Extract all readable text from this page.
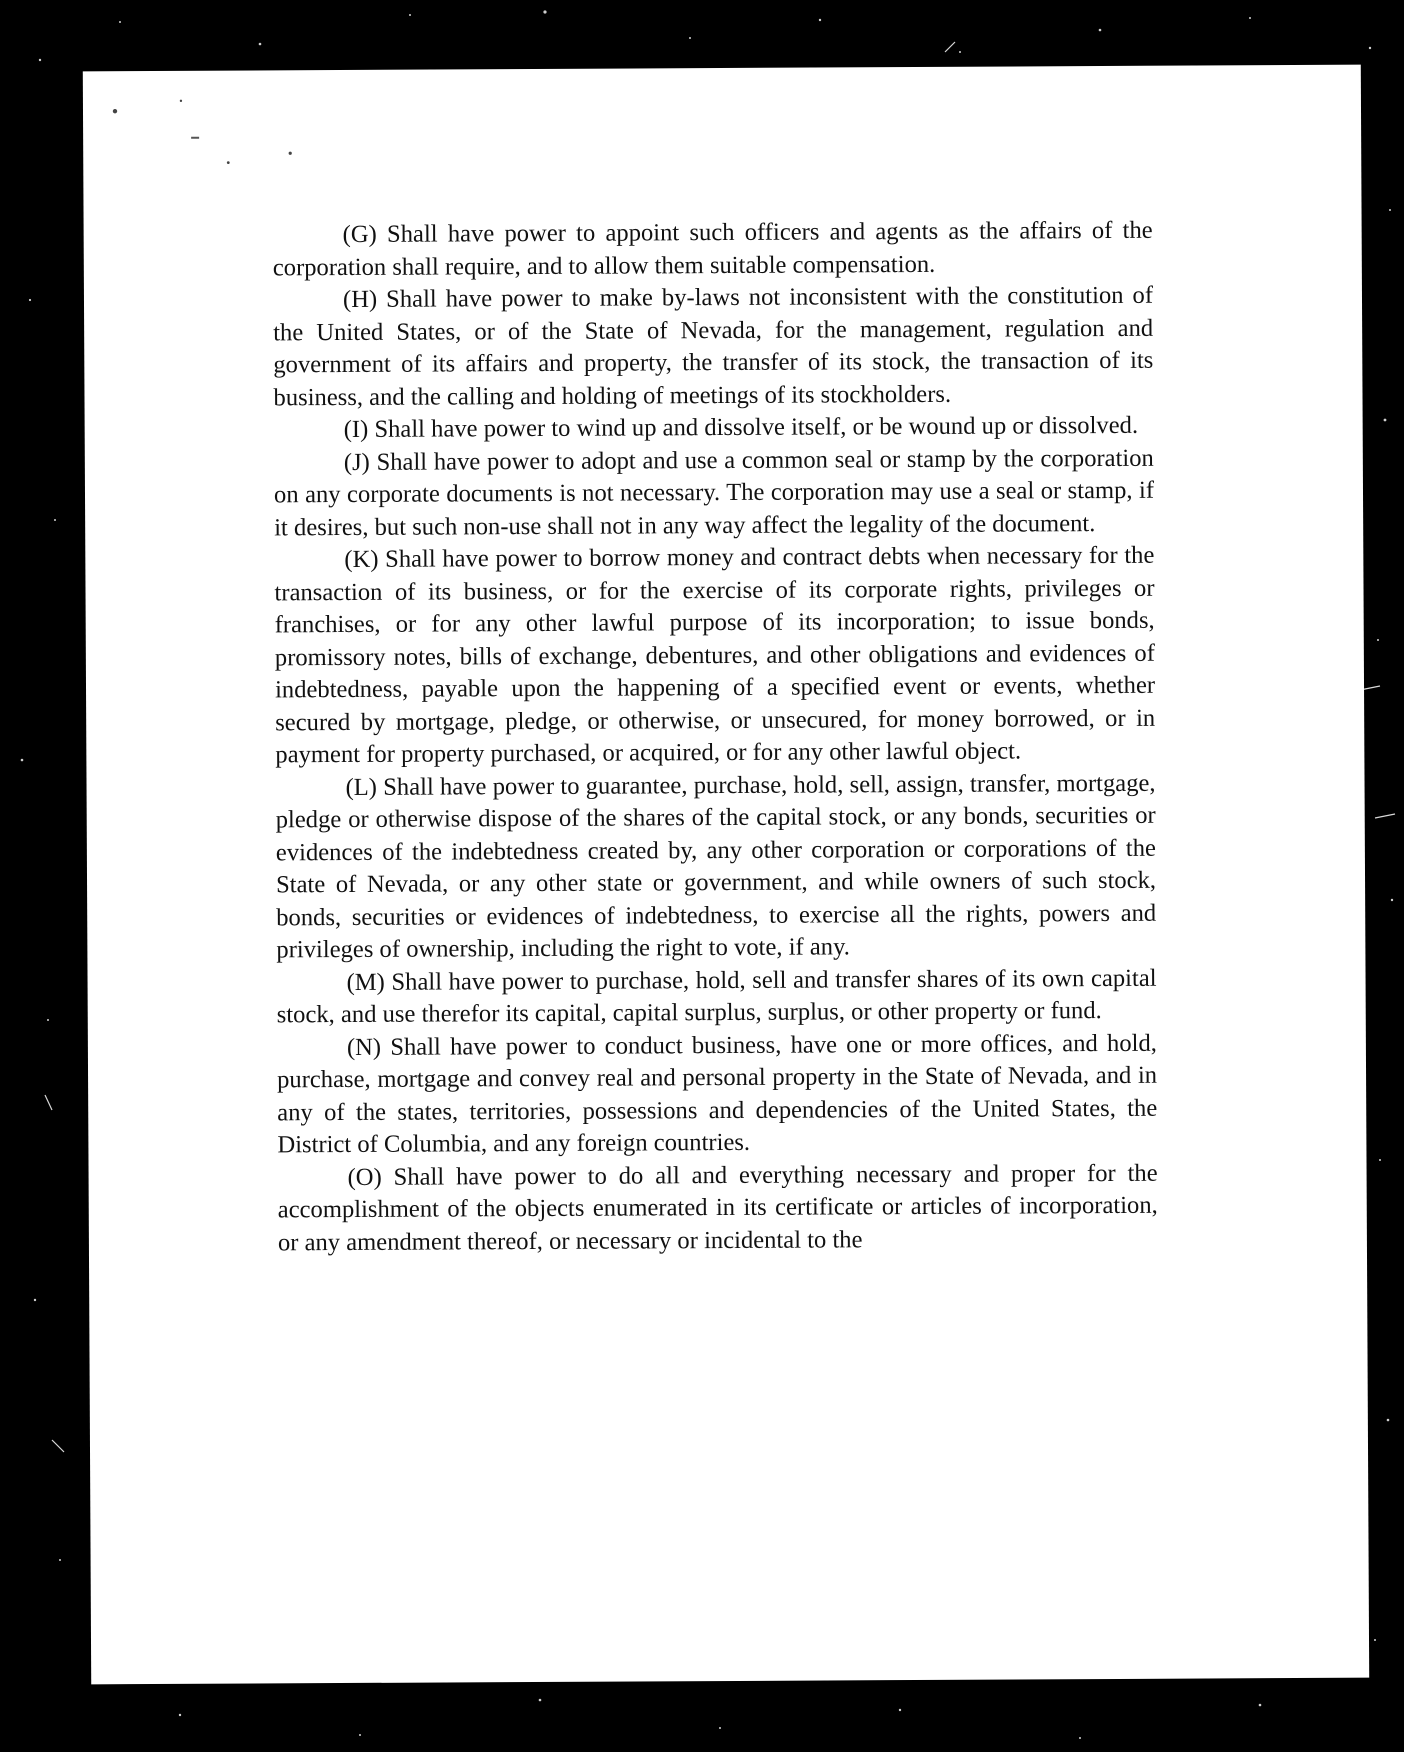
(G) Shall have power to appoint such officers and agents as the affairs of the corporation shall require, and to allow them suitable compensation.

(H) Shall have power to make by-laws not inconsistent with the constitution of the United States, or of the State of Nevada, for the management, regulation and government of its affairs and property, the transfer of its stock, the transaction of its business, and the calling and holding of meetings of its stockholders.

(I) Shall have power to wind up and dissolve itself, or be wound up or dissolved.

(J) Shall have power to adopt and use a common seal or stamp by the corporation on any corporate documents is not necessary. The corporation may use a seal or stamp, if it desires, but such non-use shall not in any way affect the legality of the document.

(K) Shall have power to borrow money and contract debts when necessary for the transaction of its business, or for the exercise of its corporate rights, privileges or franchises, or for any other lawful purpose of its incorporation; to issue bonds, promissory notes, bills of exchange, debentures, and other obligations and evidences of indebtedness, payable upon the happening of a specified event or events, whether secured by mortgage, pledge, or otherwise, or unsecured, for money borrowed, or in payment for property purchased, or acquired, or for any other lawful object.

(L) Shall have power to guarantee, purchase, hold, sell, assign, transfer, mortgage, pledge or otherwise dispose of the shares of the capital stock, or any bonds, securities or evidences of the indebtedness created by, any other corporation or corporations of the State of Nevada, or any other state or government, and while owners of such stock, bonds, securities or evidences of indebtedness, to exercise all the rights, powers and privileges of ownership, including the right to vote, if any.

(M) Shall have power to purchase, hold, sell and transfer shares of its own capital stock, and use therefor its capital, capital surplus, surplus, or other property or fund.

(N) Shall have power to conduct business, have one or more offices, and hold, purchase, mortgage and convey real and personal property in the State of Nevada, and in any of the states, territories, possessions and dependencies of the United States, the District of Columbia, and any foreign countries.

(O) Shall have power to do all and everything necessary and proper for the accomplishment of the objects enumerated in its certificate or articles of incorporation, or any amendment thereof, or necessary or incidental to the
